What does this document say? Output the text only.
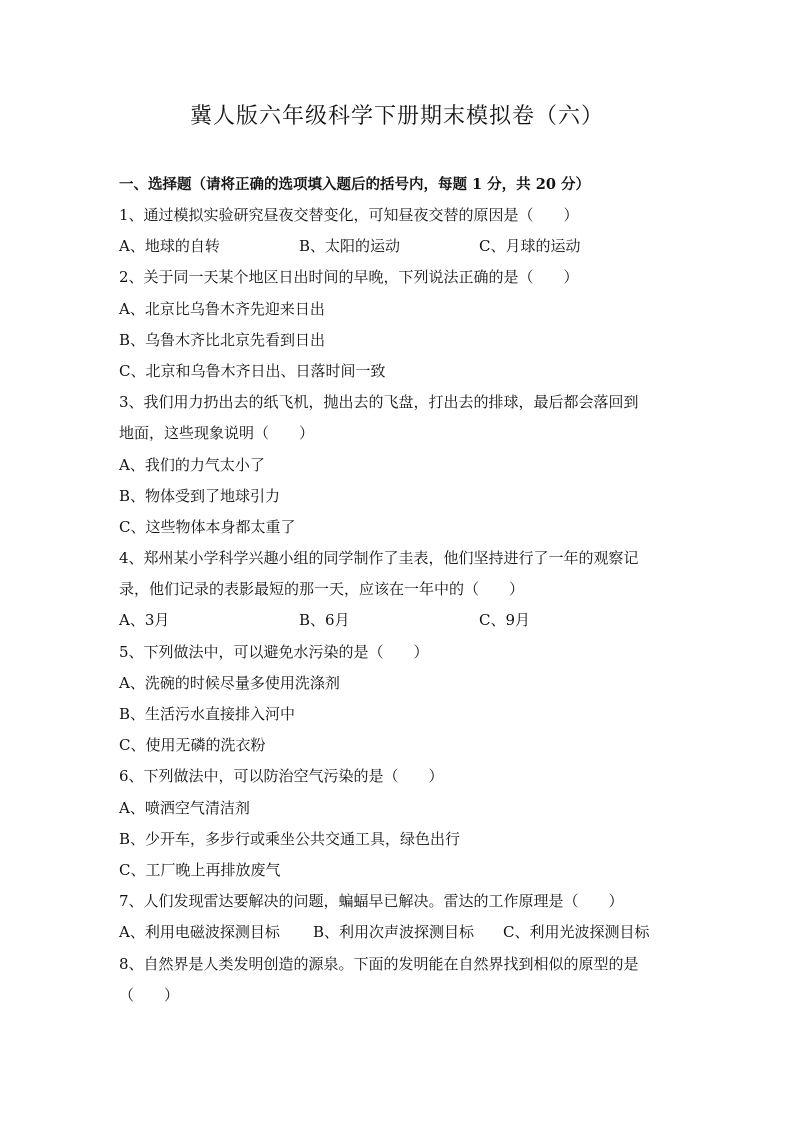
冀人版六年级科学下册期末模拟卷（六）
一、选择题（请将正确的选项填入题后的括号内，每题 1 分，共 20 分）
1、通过模拟实验研究昼夜交替变化，可知昼夜交替的原因是（　　）
A、地球的自转	B、太阳的运动	C、月球的运动
2、关于同一天某个地区日出时间的早晚，下列说法正确的是（　　）
A、北京比乌鲁木齐先迎来日出
B、乌鲁木齐比北京先看到日出
C、北京和乌鲁木齐日出、日落时间一致
3、我们用力扔出去的纸飞机，抛出去的飞盘，打出去的排球，最后都会落回到
地面，这些现象说明（　　）
A、我们的力气太小了
B、物体受到了地球引力
C、这些物体本身都太重了
4、郑州某小学科学兴趣小组的同学制作了圭表，他们坚持进行了一年的观察记
录，他们记录的表影最短的那一天，应该在一年中的（　　）
A、3月	B、6月	C、9月
5、下列做法中，可以避免水污染的是（　　）
A、洗碗的时候尽量多使用洗涤剂
B、生活污水直接排入河中
C、使用无磷的洗衣粉
6、下列做法中，可以防治空气污染的是（　　）
A、喷洒空气清洁剂
B、少开车，多步行或乘坐公共交通工具，绿色出行
C、工厂晚上再排放废气
7、人们发现雷达要解决的问题，蝙蝠早已解决。雷达的工作原理是（　　）
A、利用电磁波探测目标	B、利用次声波探测目标	C、利用光波探测目标
8、自然界是人类发明创造的源泉。下面的发明能在自然界找到相似的原型的是
（　　）
